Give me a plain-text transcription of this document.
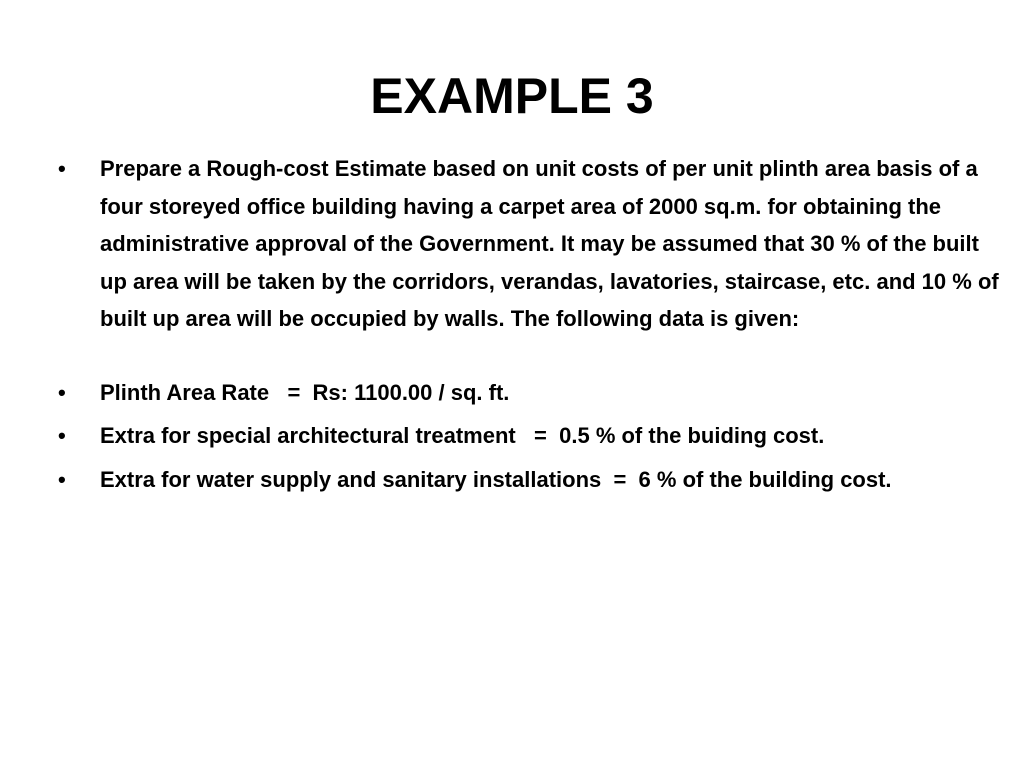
EXAMPLE 3
•	Prepare a Rough-cost Estimate based on unit costs of per unit plinth area basis of a four storeyed office building having a carpet area of 2000 sq.m. for obtaining the administrative approval of the Government. It may be assumed that 30 % of the built up area will be taken by the corridors, verandas, lavatories, staircase, etc. and 10 % of built up area will be occupied by walls. The following data is given:
•	Plinth Area Rate   =  Rs: 1100.00 / sq. ft.
•	Extra for special architectural treatment   =  0.5 % of the buiding cost.
•	Extra for water supply and sanitary installations  =  6 % of the building cost.
